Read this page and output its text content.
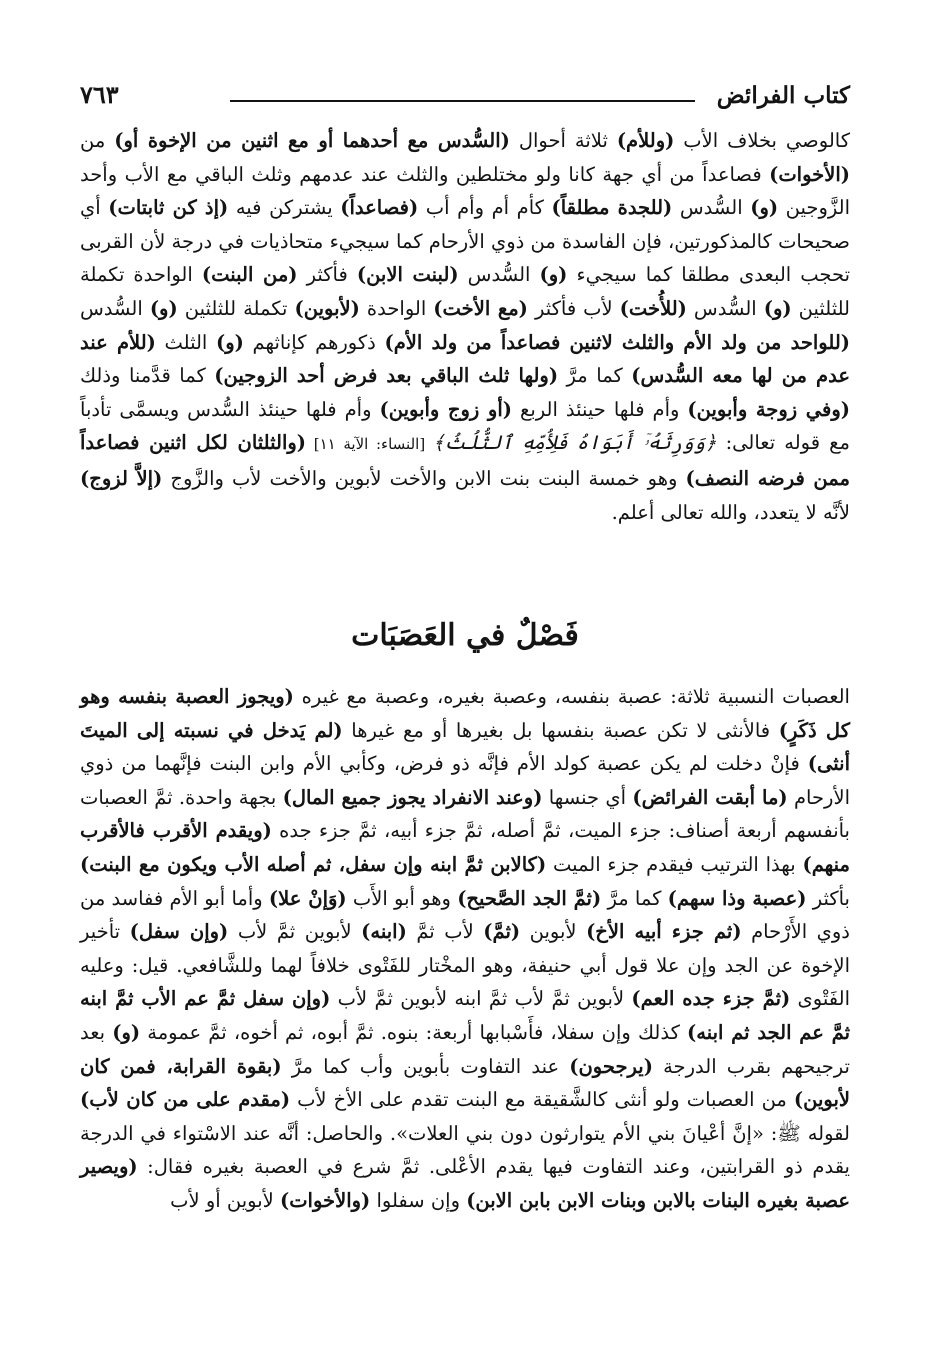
كتاب الفرائض
٧٦٣
كالوصي بخلاف الأب (وللأم) ثلاثة أحوال (السُّدس مع أحدهما أو مع اثنين من الإخوة أو) من (الأخوات) فصاعداً من أي جهة كانا ولو مختلطين والثلث عند عدمهم وثلث الباقي مع الأب وأحد الزَّوجين (و) السُّدس (للجدة مطلقاً) كأم أم وأم أب (فصاعداً) يشتركن فيه (إذ كن ثابتات) أي صحيحات كالمذكورتين، فإن الفاسدة من ذوي الأرحام كما سيجيء متحاذيات في درجة لأن القربى تحجب البعدى مطلقا كما سيجيء (و) السُّدس (لبنت الابن) فأكثر (من البنت) الواحدة تكملة للثلثين (و) السُّدس (للأُخت) لأب فأكثر (مع الأخت) الواحدة (لأبوين) تكملة للثلثين (و) السُّدس (للواحد من ولد الأم والثلث لاثنين فصاعداً من ولد الأم) ذكورهم كإناثهم (و) الثلث (للأم عند عدم من لها معه السُّدس) كما مرَّ (ولها ثلث الباقي بعد فرض أحد الزوجين) كما قدَّمنا وذلك (وفي زوجة وأبوين) وأم فلها حينئذ الربع (أو زوج وأبوين) وأم فلها حينئذ السُّدس ويسمَّى تأدباً مع قوله تعالى: ﴿وَوَرِثَهُۥٓ أَبَوَاهُ فَلِأُمِّهِ ٱلثُّلُثُ﴾ [النساء: الآية ١١] (والثلثان لكل اثنين فصاعداً ممن فرضه النصف) وهو خمسة البنت بنت الابن والأخت لأبوين والأخت لأب والزَّوج (إلاَّ لزوج) لأنَّه لا يتعدد، والله تعالى أعلم.
فَصْلٌ في العَصَبَات
العصبات النسبية ثلاثة: عصبة بنفسه، وعصبة بغيره، وعصبة مع غيره (ويجوز العصبة بنفسه وهو كل ذَكَرٍ) فالأنثى لا تكن عصبة بنفسها بل بغيرها أو مع غيرها (لم يَدخل في نسبته إلى الميتَ أنثى) فإنْ دخلت لم يكن عصبة كولد الأم فإنَّه ذو فرض، وكأبي الأم وابن البنت فإنَّهما من ذوي الأرحام (ما أبقت الفرائض) أي جنسها (وعند الانفراد يجوز جميع المال) بجهة واحدة. ثمَّ العصبات بأنفسهم أربعة أصناف: جزء الميت، ثمَّ أصله، ثمَّ جزء أبيه، ثمَّ جزء جده (ويقدم الأقرب فالأقرب منهم) بهذا الترتيب فيقدم جزء الميت (كالابن ثمَّ ابنه وإن سفل، ثم أصله الأب ويكون مع البنت) بأكثر (عصبة وذا سهم) كما مرَّ (ثمَّ الجد الصَّحيح) وهو أبو الأَب (وَإنْ علا) وأما أبو الأم ففاسد من ذوي الأَرْحام (ثم جزء أبيه الأخ) لأبوين (ثمَّ) لأب ثمَّ (ابنه) لأبوين ثمَّ لأب (وإن سفل) تأخير الإخوة عن الجد وإن علا قول أبي حنيفة، وهو المخْتار للفَتْوى خلافاً لهما وللشَّافعي. قيل: وعليه الفَتْوى (ثمَّ جزء جده العم) لأبوين ثمَّ لأب ثمَّ ابنه لأبوين ثمَّ لأب (وإن سفل ثمَّ عم الأب ثمَّ ابنه ثمَّ عم الجد ثم ابنه) كذلك وإن سفلا، فأَسْبابها أربعة: بنوه. ثمَّ أبوه، ثم أخوه، ثمَّ عمومة (و) بعد ترجيحهم بقرب الدرجة (يرجحون) عند التفاوت بأبوين وأب كما مرَّ (بقوة القرابة، فمن كان لأبوين) من العصبات ولو أنثى كالشَّقيقة مع البنت تقدم على الأخ لأب (مقدم على من كان لأب) لقوله ﷺ: «إنَّ أعْيانَ بني الأم يتوارثون دون بني العلات». والحاصل: أنَّه عند الاسْتواء في الدرجة يقدم ذو القرابتين، وعند التفاوت فيها يقدم الأعْلى. ثمَّ شرع في العصبة بغيره فقال: (ويصير عصبة بغيره البنات بالابن وبنات الابن بابن الابن) وإن سفلوا (والأخوات) لأبوين أو لأب
